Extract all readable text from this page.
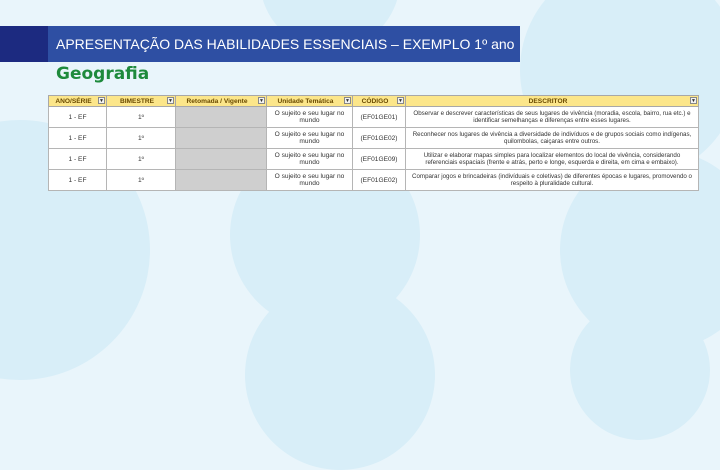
APRESENTAÇÃO DAS HABILIDADES ESSENCIAIS – EXEMPLO 1º ano
Geografia
ANO/SÉRIE ▼	BIMESTRE ▼	Retomada / Vigente ▼	Unidade Temática ▼	CÓDIGO ▼	DESCRITOR ▼

1 - EF	1º		O sujeito e seu lugar no mundo	(EF01GE01)	Observar e descrever características de seus lugares de vivência (moradia, escola, bairro, rua etc.) e identificar semelhanças e diferenças entre esses lugares.
1 - EF	1º		O sujeito e seu lugar no mundo	(EF01GE02)	Reconhecer nos lugares de vivência a diversidade de indivíduos e de grupos sociais como indígenas, quilombolas, caiçaras entre outros.
1 - EF	1º		O sujeito e seu lugar no mundo	(EF01GE09)	Utilizar e elaborar mapas simples para localizar elementos do local de vivência, considerando referenciais espaciais (frente e atrás, perto e longe, esquerda e direita, em cima e embaixo).
1 - EF	1º		O sujeito e seu lugar no mundo	(EF01GE02)	Comparar jogos e brincadeiras (indivíduais e coletivas) de diferentes épocas e lugares, promovendo o respeito à pluralidade cultural.
